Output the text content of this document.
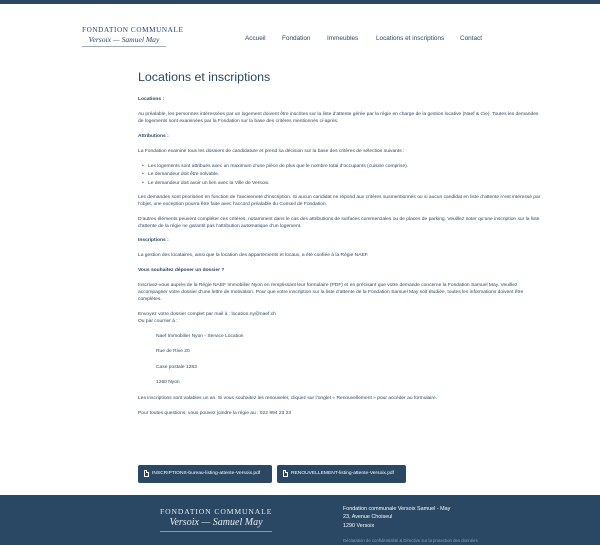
FONDATION COMMUNALE
Versoix — Samuel May	Accueil	Fondation	Immeubles	Locations et inscriptions Contact
Locations et inscriptions

Locations :

Au préalable, les personnes intéressées par un logement doivent être inscrites sur la liste d’attente gérée par la régie en charge de la gestion locative (Naef & Cie). Toutes les demandes de logements sont examinées par la Fondation sur la base des critères mentionnés ci-après.

Attributions :

La Fondation examine tous les dossiers de candidature et prend sa décision sur la base des critères de sélection suivants :

• Les logements sont attribués avec un maximum d’une pièce de plus que le nombre total d’occupants (cuisine comprise).
• Le demandeur doit être solvable.
• Le demandeur doit avoir un lien avec la Ville de Versoix.

Les demandes sont priorisées en fonction de l’ancienneté d’inscription. Si aucun candidat ne répond aux critères susmentionnés ou si aucun candidat en liste d’attente n’est intéressé par l’objet, une exception pourra être faite avec l’accord préalable du Conseil de Fondation.

D’autres éléments peuvent compléter ces critères, notamment dans le cas des attributions de surfaces commerciales ou de places de parking. Veuillez noter qu’une inscription sur la liste d’attente de la régie ne garantit pas l’attribution automatique d’un logement.

Inscriptions :

La gestion des locataires, ainsi que la location des appartements et locaux, a été confiée à la Régie NAEF.

Vous souhaitez déposer un dossier ?

Inscrivez-vous auprès de la Régie NAEF Immobilier Nyon en remplissant leur formulaire (PDF) et en précisant que votre demande concerne la Fondation Samuel May. Veuillez accompagner votre dossier d’une lettre de motivation. Pour que votre inscription sur la liste d’attente de la Fondation Samuel May soit étudiée, toutes les informations doivent être complètes.

Envoyez votre dossier complet par mail à : location.ny@naef.ch

Ou par courrier à :

Naef Immobilier Nyon - Service Location

Rue de Rive 20

Case postale 1283

1260 Nyon

Les inscriptions sont valables un an. Si vous souhaitez les renouveler, cliquez sur l’onglet « Renouvellement » pour accéder au formulaire.

Pour toutes questions, vous pouvez joindre la régie au : 022 994 23 23

INSCRIPTIONS-bureau-listing-attente-Versoix.pdf	RENOUVELLEMENT-listing-attente-Versoix.pdf
FONDATION COMMUNALE
Versoix — Samuel May
Fondation communale Versoix Samuel - May
23, Avenue Choiseul
1290 Versoix
Déclaration de confidentialité & Directive sur la protection des données
